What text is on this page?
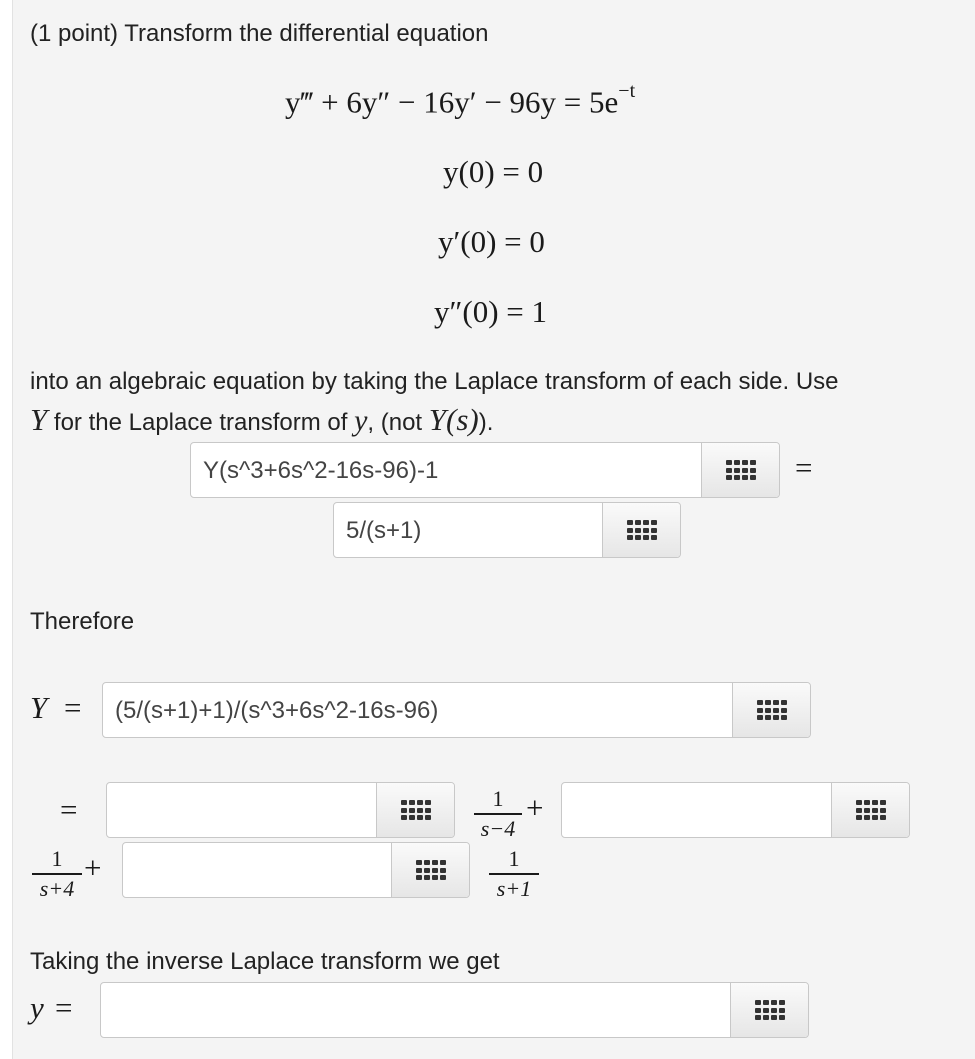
(1 point) Transform the differential equation
y‴ + $6y'' - 16y' - 96y = 5e^{-t}$
y(0) = 0
y′(0) = 0
y″(0) = 1
into an algebraic equation by taking the Laplace transform of each side. Use
Y for the Laplace transform of y, (not Y(s)).
Y(s^3+6s^2-16s-96)-1	=
5/(s+1)
Therefore
Y = (5/(s+1)+1)/(s^3+6s^2-16s-96)
=	1
s−4
+
1
s+4
+	1
s+1
Taking the inverse Laplace transform we get
y =
